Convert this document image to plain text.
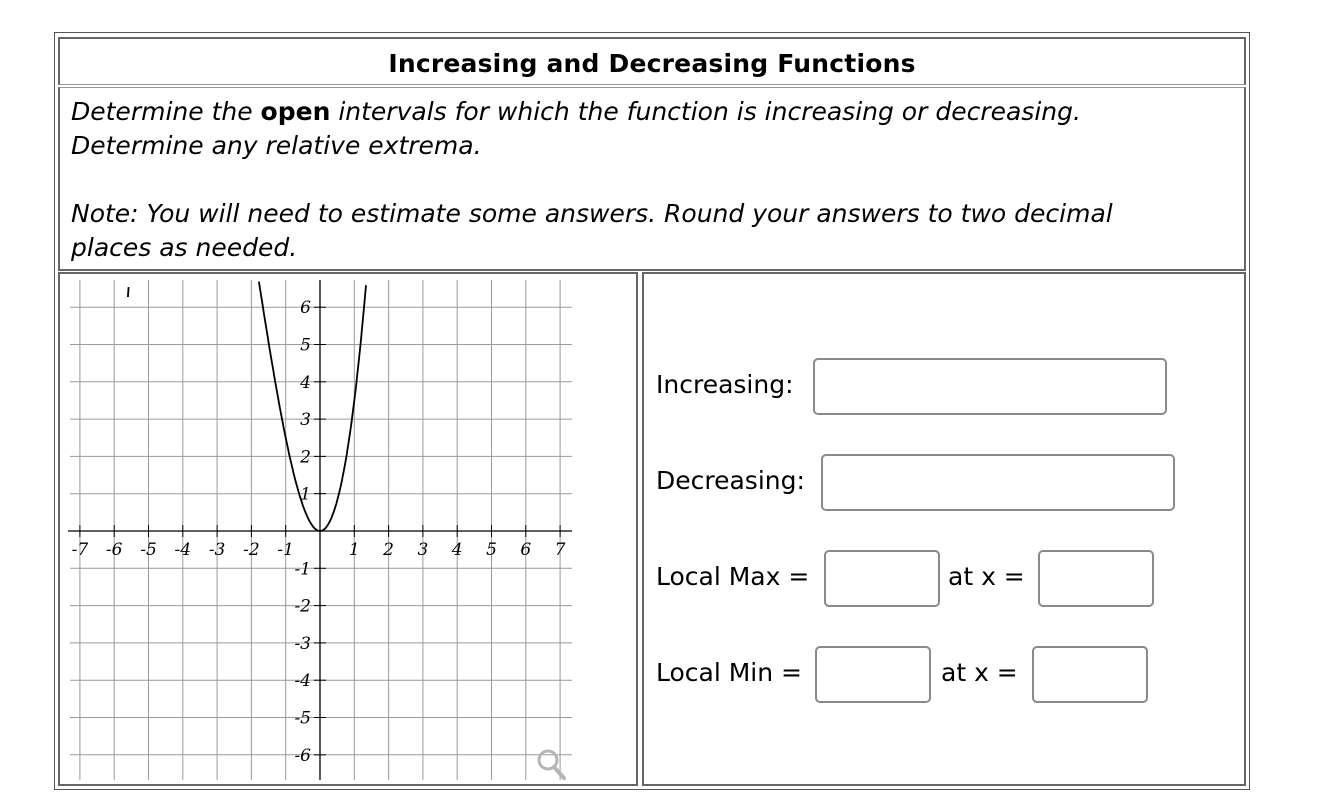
Increasing and Decreasing Functions

Determine the open intervals for which the function is increasing or decreasing.

Determine any relative extrema.

Note: You will need to estimate some answers. Round your answers to two decimal

places as needed.

-7 -6 -5 -4 -3 -2 -1	1 2 3 4 5 6 7
6
5
4
3
2
1
-1
-2
-3
-4
-5
-6
Increasing:
Decreasing:
Local Max =	at x =
Local Min =	at x =
